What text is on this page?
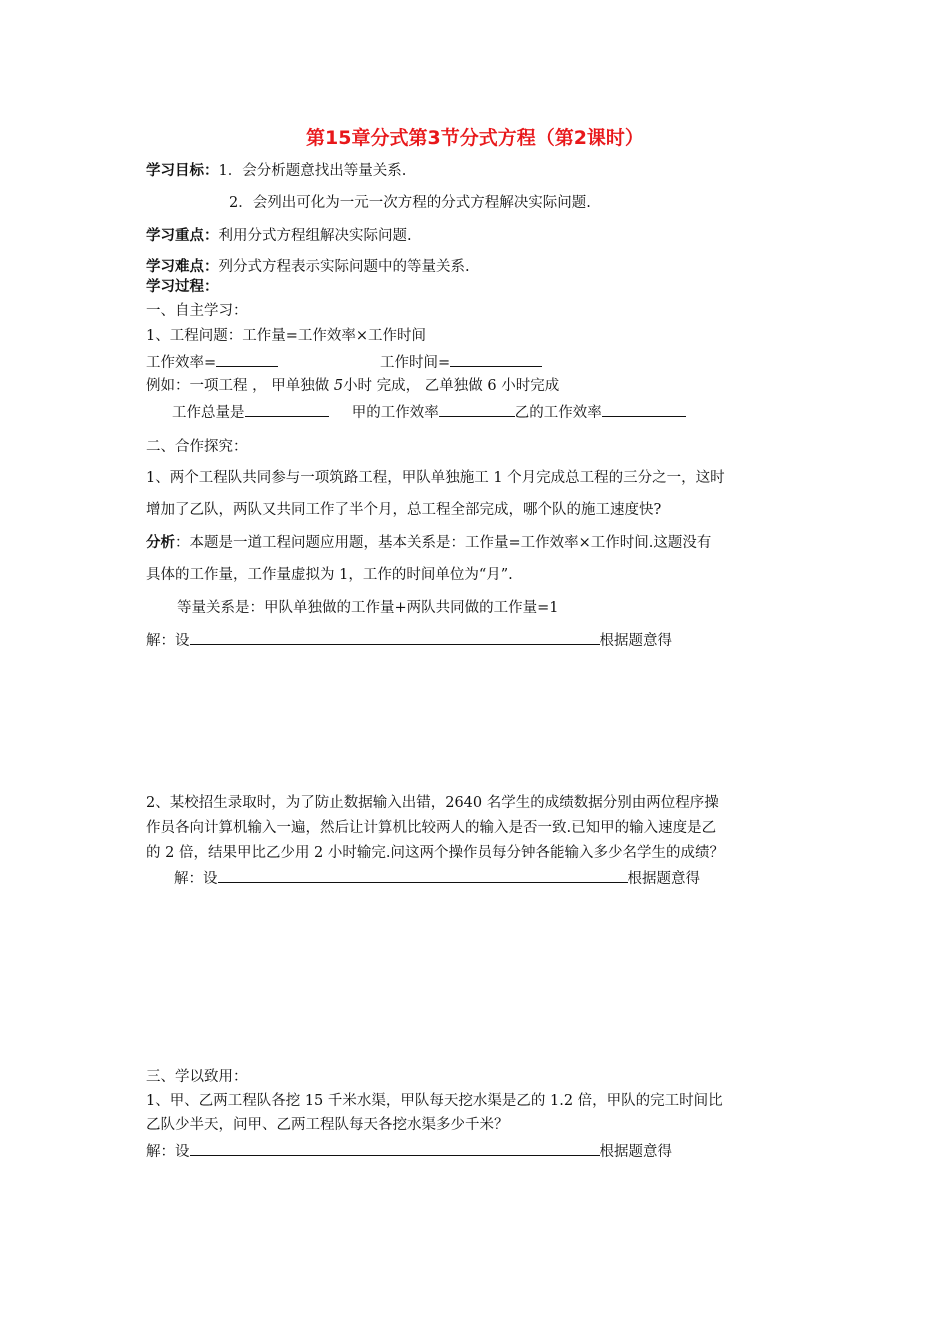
第15章分式第3节分式方程（第2课时）
学习目标：1．会分析题意找出等量关系.
2．会列出可化为一元一次方程的分式方程解决实际问题.
学习重点：利用分式方程组解决实际问题.
学习难点：列分式方程表示实际问题中的等量关系.
学习过程：
一、自主学习：
1、工程问题：工作量=工作效率×工作时间
工作效率=	工作时间=
例如：一项工程 ， 甲单独做 5小时 完成， 乙单独做 6 小时完成
工作总量是	甲的工作效率	乙的工作效率
二、合作探究：
1、两个工程队共同参与一项筑路工程，甲队单独施工 1 个月完成总工程的三分之一，这时
增加了乙队，两队又共同工作了半个月，总工程全部完成，哪个队的施工速度快?
分析：本题是一道工程问题应用题，基本关系是：工作量=工作效率×工作时间.这题没有
具体的工作量，工作量虚拟为 1，工作的时间单位为“月”.
等量关系是：甲队单独做的工作量+两队共同做的工作量=1
解：设	根据题意得
2、某校招生录取时，为了防止数据输入出错，2640 名学生的成绩数据分别由两位程序操
作员各向计算机输入一遍，然后让计算机比较两人的输入是否一致.已知甲的输入速度是乙
的 2 倍，结果甲比乙少用 2 小时输完.问这两个操作员每分钟各能输入多少名学生的成绩？
解：设	根据题意得
三、学以致用：
1、甲、乙两工程队各挖 15 千米水渠，甲队每天挖水渠是乙的 1.2 倍，甲队的完工时间比
乙队少半天，问甲、乙两工程队每天各挖水渠多少千米？
解：设	根据题意得
